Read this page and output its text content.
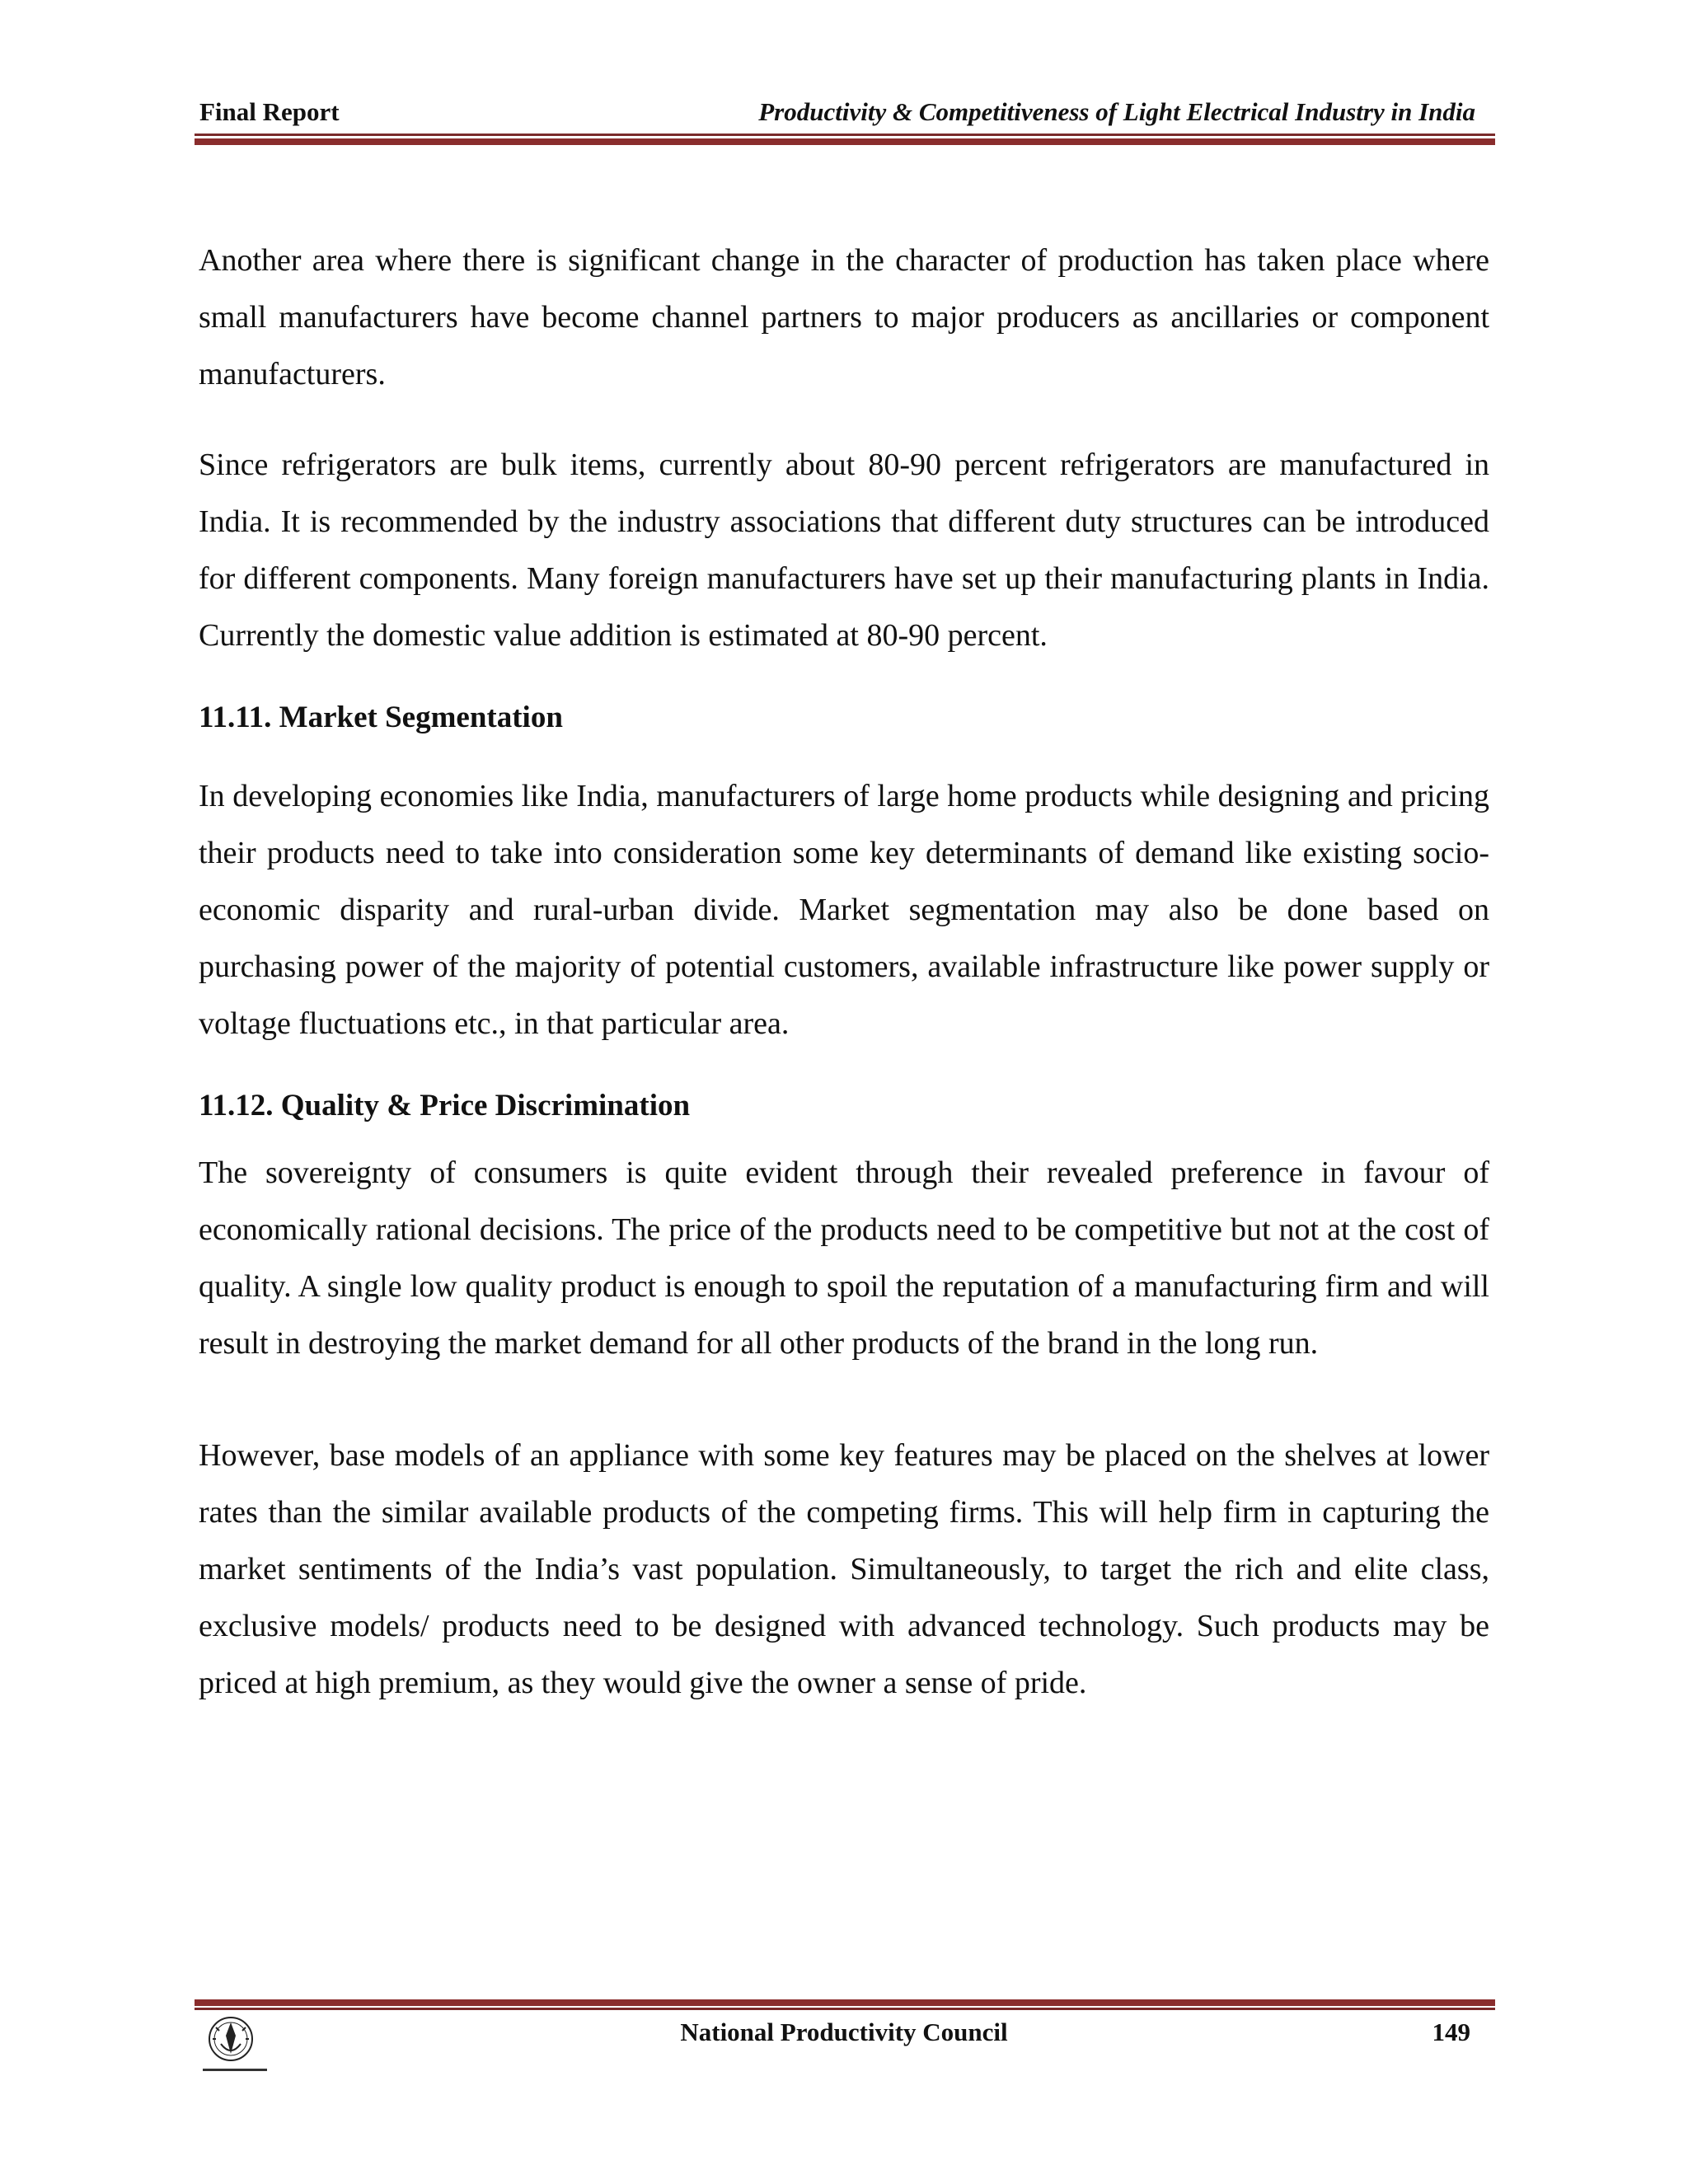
Final Report	Productivity & Competitiveness of Light Electrical Industry in India

Another area where there is significant change in the character of production has taken place where small manufacturers have become channel partners to major producers as ancillaries or component manufacturers.

Since refrigerators are bulk items, currently about 80-90 percent refrigerators are manufactured in India. It is recommended by the industry associations that different duty structures can be introduced for different components. Many foreign manufacturers have set up their manufacturing plants in India. Currently the domestic value addition is estimated at 80-90 percent.

11.11. Market Segmentation

In developing economies like India, manufacturers of large home products while designing and pricing their products need to take into consideration some key determinants of demand like existing socio-economic disparity and rural-urban divide. Market segmentation may also be done based on purchasing power of the majority of potential customers, available infrastructure like power supply or voltage fluctuations etc., in that particular area.

11.12. Quality & Price Discrimination

The sovereignty of consumers is quite evident through their revealed preference in favour of economically rational decisions. The price of the products need to be competitive but not at the cost of quality. A single low quality product is enough to spoil the reputation of a manufacturing firm and will result in destroying the market demand for all other products of the brand in the long run.

However, base models of an appliance with some key features may be placed on the shelves at lower rates than the similar available products of the competing firms. This will help firm in capturing the market sentiments of the India’s vast population. Simultaneously, to target the rich and elite class, exclusive models/ products need to be designed with advanced technology. Such products may be priced at high premium, as they would give the owner a sense of pride.

National Productivity Council	149
